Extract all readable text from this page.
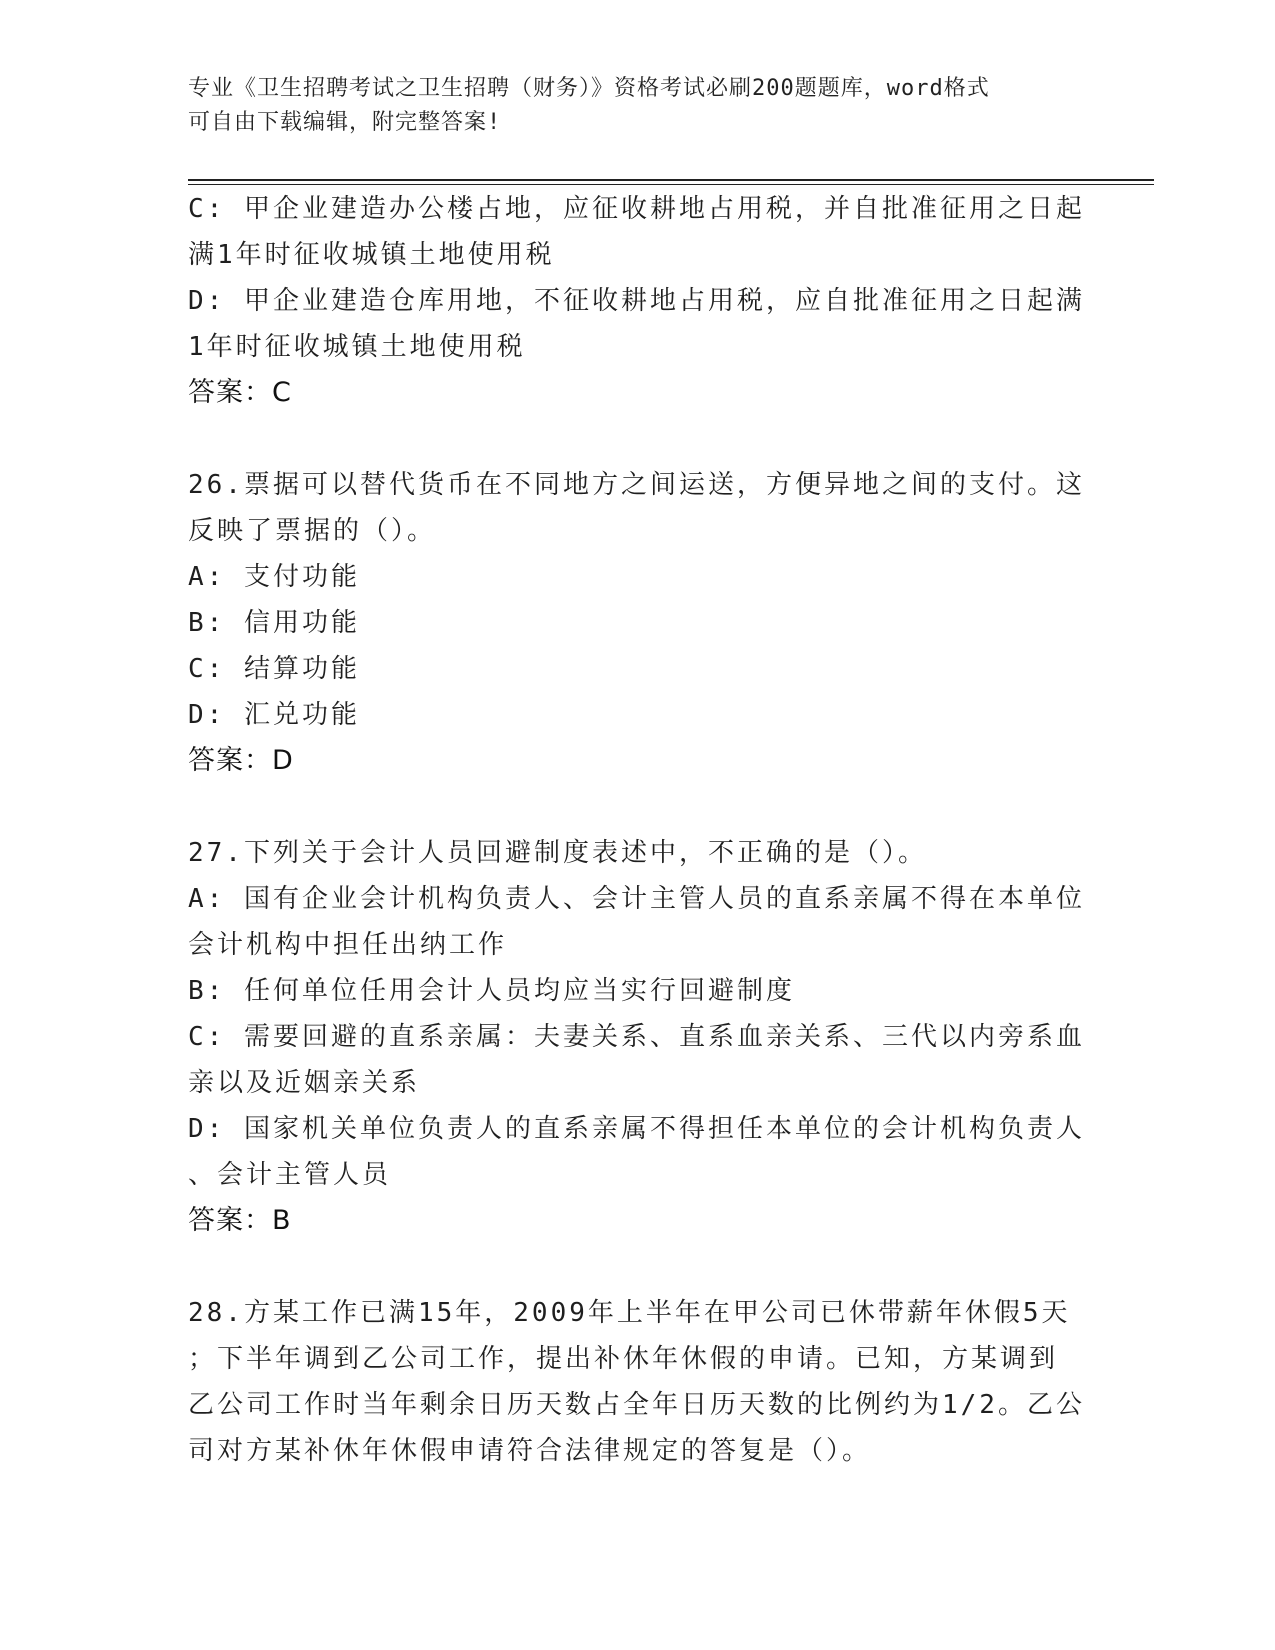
专业《卫生招聘考试之卫生招聘（财务）》资格考试必刷200题题库，word格式
可自由下载编辑，附完整答案!
C: 甲企业建造办公楼占地，应征收耕地占用税，并自批准征用之日起
满1年时征收城镇土地使用税
D: 甲企业建造仓库用地，不征收耕地占用税，应自批准征用之日起满
1年时征收城镇土地使用税
答案：C
26.票据可以替代货币在不同地方之间运送，方便异地之间的支付。这
反映了票据的（）。
A: 支付功能
B: 信用功能
C: 结算功能
D: 汇兑功能
答案：D
27.下列关于会计人员回避制度表述中，不正确的是（）。
A: 国有企业会计机构负责人、会计主管人员的直系亲属不得在本单位
会计机构中担任出纳工作
B: 任何单位任用会计人员均应当实行回避制度
C: 需要回避的直系亲属：夫妻关系、直系血亲关系、三代以内旁系血
亲以及近姻亲关系
D: 国家机关单位负责人的直系亲属不得担任本单位的会计机构负责人
、会计主管人员
答案：B
28.方某工作已满15年，2009年上半年在甲公司已休带薪年休假5天
；下半年调到乙公司工作，提出补休年休假的申请。已知，方某调到
乙公司工作时当年剩余日历天数占全年日历天数的比例约为1/2。乙公
司对方某补休年休假申请符合法律规定的答复是（）。
